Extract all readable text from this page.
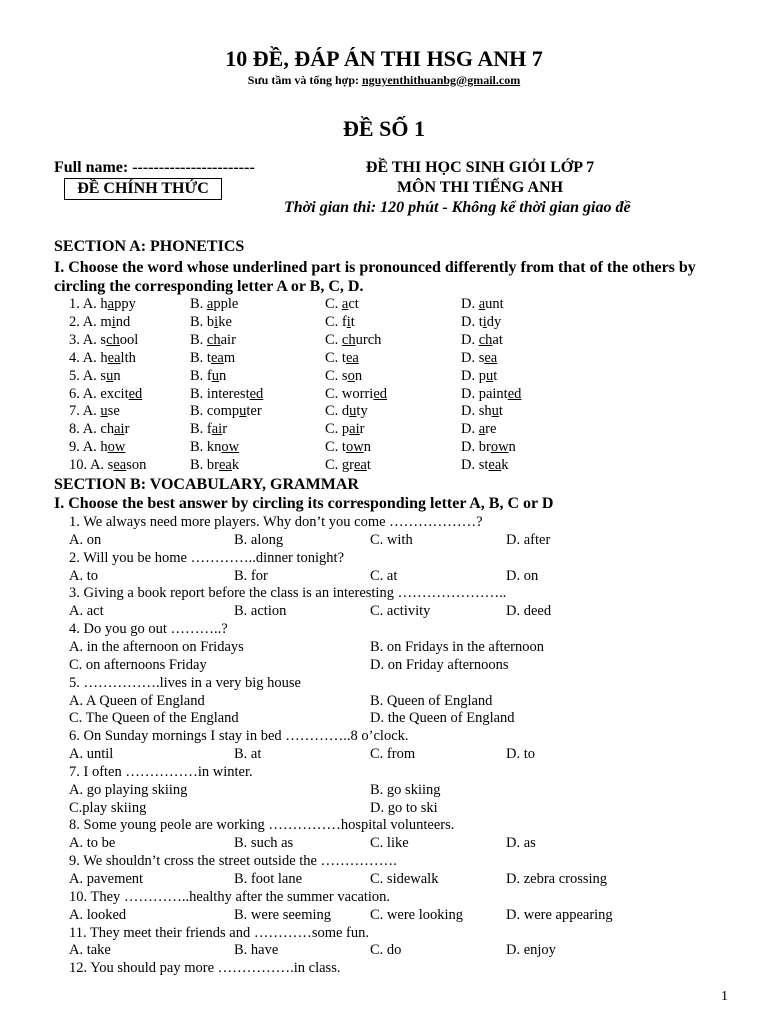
10 ĐỀ, ĐÁP ÁN THI HSG ANH 7
Sưu tầm và tổng hợp: nguyenthithuanbg@gmail.com
ĐỀ SỐ 1
Full name: -----------------------
ĐỀ CHÍNH THỨC
ĐỀ THI HỌC SINH GIỎI LỚP 7
MÔN THI TIẾNG ANH
Thời gian thi: 120 phút - Không kể thời gian giao đề
SECTION A: PHONETICS
I. Choose the word whose underlined part is pronounced differently from that of the others by
circling the corresponding letter A or B, C, D.
1. A. happy	B. apple	C. act	D. aunt
2. A. mind	B. bike	C. fit	D. tidy
3. A. school	B. chair	C. church	D. chat
4. A. health	B. team	C. tea	D. sea
5. A. sun	B. fun	C. son	D. put
6. A. excited	B. interested	C. worried	D. painted
7. A. use	B. computer	C. duty	D. shut
8. A. chair	B. fair	C. pair	D. are
9. A. how	B. know	C. town	D. brown
10. A. season	B. break	C. great	D. steak
SECTION B: VOCABULARY, GRAMMAR
I. Choose the best answer by circling its corresponding letter A, B, C or D
1. We always need more players. Why don’t you come ………………?
A. on	B. along	C. with	D. after
2. Will you be home …………..dinner tonight?
A. to	B. for	C. at	D. on
3. Giving a book report before the class is an interesting …………………..
A. act	B. action	C. activity	D. deed
4. Do you go out ………..?
A. in the afternoon on Fridays	B. on Fridays in the afternoon
C. on afternoons Friday	D. on Friday afternoons
5. …………….lives in a very big house
A. A Queen of England	B. Queen of England
C. The Queen of the England	D. the Queen of England
6. On Sunday mornings I stay in bed …………..8 o’clock.
A. until	B. at	C. from	D. to
7. I often ……………in winter.
A. go playing skiing	B. go skiing
C.play skiing	D. go to ski
8. Some young peole are working ……………hospital volunteers.
A. to be	B. such as	C. like	D. as
9. We shouldn’t cross the street outside the …………….
A. pavement	B. foot lane	C. sidewalk	D. zebra crossing
10. They …………..healthy after the summer vacation.
A. looked	B. were seeming	C. were looking	D. were appearing
11. They meet their friends and …………some fun.
A. take	B. have	C. do	D. enjoy
12. You should pay more …………….in class.
1
